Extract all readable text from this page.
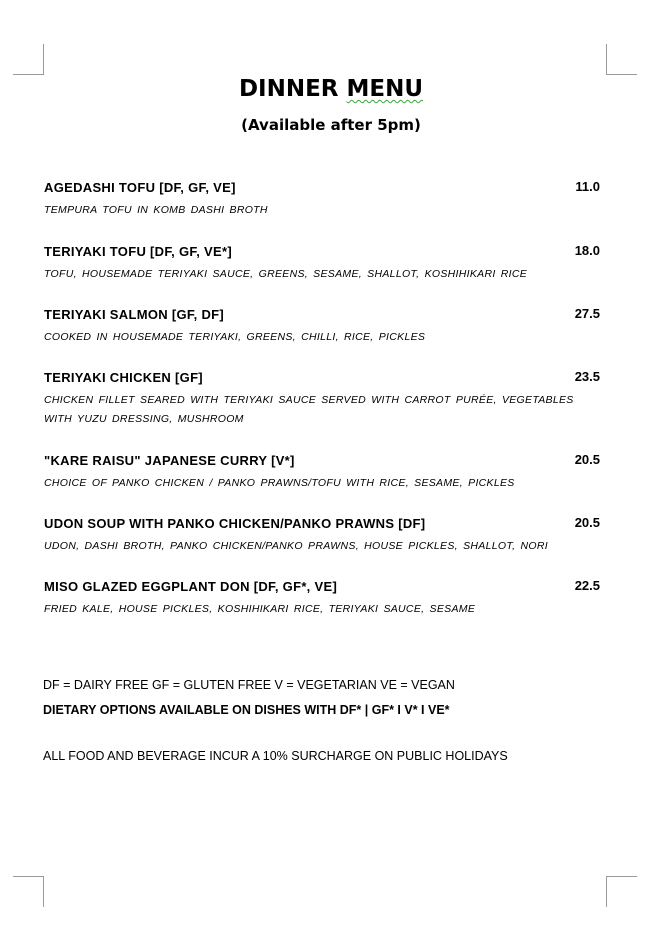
DINNER MENU
(Available after 5pm)
AGEDASHI TOFU [DF, GF, VE]	11.0
TEMPURA TOFU IN KOMB DASHI BROTH
TERIYAKI TOFU [DF, GF, VE*]	18.0
TOFU, HOUSEMADE TERIYAKI SAUCE, GREENS, SESAME, SHALLOT, KOSHIHIKARI RICE
TERIYAKI SALMON [GF, DF]	27.5
COOKED IN HOUSEMADE TERIYAKI, GREENS, CHILLI, RICE, PICKLES
TERIYAKI CHICKEN [GF]	23.5
CHICKEN FILLET SEARED WITH TERIYAKI SAUCE SERVED WITH CARROT PURÉE, VEGETABLES WITH YUZU DRESSING, MUSHROOM
"KARE RAISU" JAPANESE CURRY [V*]	20.5
CHOICE OF PANKO CHICKEN / PANKO PRAWNS/TOFU WITH RICE, SESAME, PICKLES
UDON SOUP WITH PANKO CHICKEN/PANKO PRAWNS [DF]	20.5
UDON, DASHI BROTH, PANKO CHICKEN/PANKO PRAWNS, HOUSE PICKLES, SHALLOT, NORI
MISO GLAZED EGGPLANT DON [DF, GF*, VE]	22.5
FRIED KALE, HOUSE PICKLES, KOSHIHIKARI RICE, TERIYAKI SAUCE, SESAME
DF = DAIRY FREE GF = GLUTEN FREE V = VEGETARIAN VE = VEGAN
DIETARY OPTIONS AVAILABLE ON DISHES WITH DF* | GF* I V* I VE*
ALL FOOD AND BEVERAGE INCUR A 10% SURCHARGE ON PUBLIC HOLIDAYS
